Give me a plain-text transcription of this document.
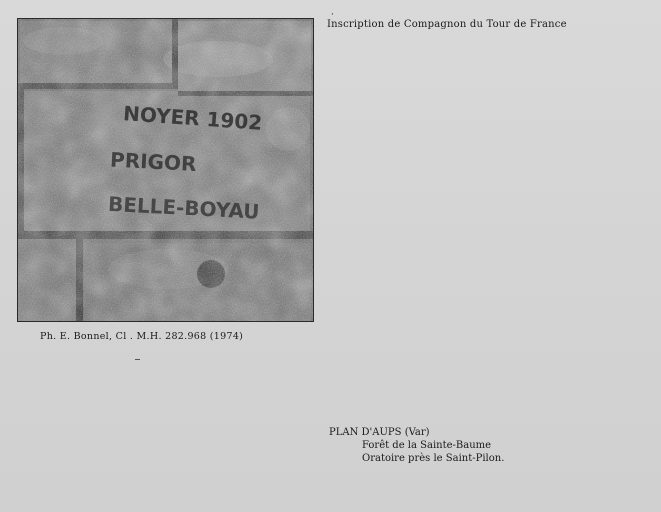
NOYER 1902
PRIGOR
BELLE-BOYAU
·
Inscription de Compagnon du Tour de France
Ph. E. Bonnel, Cl . M.H. 282.968 (1974)
PLAN D'AUPS (Var)
Forêt de la Sainte-Baume
Oratoire près le Saint-Pilon.
